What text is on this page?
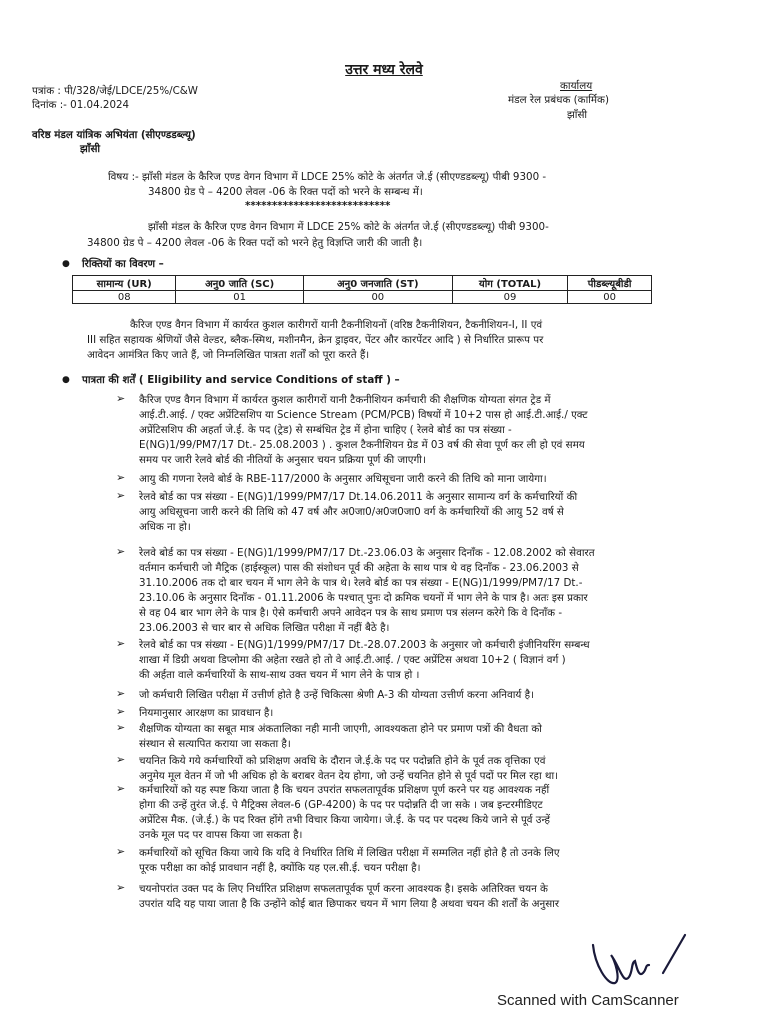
उत्तर मध्य रेलवे
पत्रांक : पी/328/जेई/LDCE/25%/C&W
दिनांक :- 01.04.2024
कार्यालय
मंडल रेल प्रबंधक (कार्मिक)
झाँसी
वरिष्ठ मंडल यांत्रिक अभियंता (सीएण्डडब्ल्यू)
झाँसी
विषय :- झाँसी मंडल के कैरिज एण्ड वेगन विभाग में LDCE 25% कोटे के अंतर्गत जे.ई (सीएण्डडब्ल्यू) पीबी 9300 -
34800 ग्रेड पे – 4200 लेवल -06 के रिक्त पदों को भरने के सम्बन्ध में।
***************************
झाँसी मंडल के कैरिज एण्ड वेगन विभाग में LDCE 25% कोटे के अंतर्गत जे.ई (सीएण्डडब्ल्यू) पीबी 9300-
34800 ग्रेड पे – 4200 लेवल -06 के रिक्त पदों को भरने हेतु विज्ञप्ति जारी की जाती है।
● रिक्तियों का विवरण –
सामान्य (UR)	अनु0 जाति (SC)	अनु0 जनजाति (ST)	योग (TOTAL)	पीडब्ल्यूबीडी
08	01	00	09	00
कैरिज एण्ड वैगन विभाग में कार्यरत कुशल कारीगरों यानी टैकनीशियनों (वरिष्ठ टैकनीशियन, टैकनीशियन-I, II एवं
III सहित सहायक श्रेणियों जैसे वेल्डर, ब्लैक-स्मिथ, मशीनमैन, क्रेन ड्राइवर, पेंटर और कारपेंटर आदि ) से निर्धारित प्रारूप पर
आवेदन आमंत्रित किए जाते हैं, जो निम्नलिखित पात्रता शर्तों को पूरा करते हैं।
● पात्रता की शर्तें ( Eligibility and service Conditions of staff ) –
➢ कैरिज एण्ड वैगन विभाग में कार्यरत कुशल कारीगरों यानी टैकनीशियन कर्मचारी की शैक्षणिक योग्यता संगत ट्रेड में
आई.टी.आई. / एक्ट अप्रेंटिसशिप या Science Stream (PCM/PCB) विषयों में 10+2 पास हो आई.टी.आई./ एक्ट
अप्रेंटिसशिप की अहर्ता जे.ई. के पद (ट्रेड) से सम्बंधित ट्रेड में होना चाहिए ( रेलवे बोर्ड का पत्र संख्या -
E(NG)1/99/PM7/17 Dt.- 25.08.2003 ) . कुशल टैकनीशियन ग्रेड में 03 वर्ष की सेवा पूर्ण कर ली हो एवं समय
समय पर जारी रेलवे बोर्ड की नीतियों के अनुसार चयन प्रक्रिया पूर्ण की जाएगी।
➢ आयु की गणना रेलवे बोर्ड के RBE-117/2000 के अनुसार अधिसूचना जारी करने की तिथि को माना जायेगा।
➢ रेलवे बोर्ड का पत्र संख्या - E(NG)1/1999/PM7/17 Dt.14.06.2011 के अनुसार सामान्य वर्ग के कर्मचारियों की
आयु अधिसूचना जारी करने की तिथि को 47 वर्ष और अ0जा0/अ0ज0जा0 वर्ग के कर्मचारियों की आयु 52 वर्ष से
अधिक ना हो।
➢ रेलवे बोर्ड का पत्र संख्या - E(NG)1/1999/PM7/17 Dt.-23.06.03 के अनुसार दिनाँक - 12.08.2002 को सेवारत
वर्तमान कर्मचारी जो मैट्रिक (हाईस्कूल) पास की संशोधन पूर्व की अहेता के साथ पात्र थे वह दिनाँक - 23.06.2003 से
31.10.2006 तक दो बार चयन में भाग लेने के पात्र थे। रेलवे बोर्ड का पत्र संख्या - E(NG)1/1999/PM7/17 Dt.-
23.10.06 के अनुसार दिनाँक - 01.11.2006 के पश्चात् पुनः दो क्रमिक चयनों में भाग लेने के पात्र है। अतः इस प्रकार
से वह 04 बार भाग लेने के पात्र है। ऐसे कर्मचारी अपने आवेदन पत्र के साथ प्रमाण पत्र संलग्न करेगे कि वे दिनाँक -
23.06.2003 से चार बार से अधिक लिखित परीक्षा में नहीं बैठे है।
➢ रेलवे बोर्ड का पत्र संख्या - E(NG)1/1999/PM7/17 Dt.-28.07.2003 के अनुसार जो कर्मचारी इंजीनियरिंग सम्बन्ध
शाखा में डिग्री अथवा डिप्लोमा की अहेता रखते हो तो वे आई.टी.आई. / एक्ट अप्रेंटिस अथवा 10+2 ( विज्ञानं वर्ग )
की अर्हता वाले कर्मचारियों के साथ-साथ उक्त चयन में भाग लेने के पात्र हो ।
➢ जो कर्मचारी लिखित परीक्षा में उत्तीर्ण होते है उन्हें चिकित्सा श्रेणी A-3 की योग्यता उत्तीर्ण करना अनिवार्य है।
➢ नियमानुसार आरक्षण का प्रावधान है।
➢ शैक्षणिक योग्यता का सबूत मात्र अंकतालिका नही मानी जाएगी, आवश्यकता होने पर प्रमाण पत्रों की वैधता को
संस्थान से सत्यापित कराया जा सकता है।
➢ चयनित किये गये कर्मचारियों को प्रशिक्षण अवधि के दौरान जे.ई.के पद पर पदोन्नति होने के पूर्व तक वृत्तिका एवं
अनुमेय मूल वेतन में जो भी अधिक हो के बराबर वेतन देय होगा, जो उन्हें चयनित होने से पूर्व पदों पर मिल रहा था।
➢ कर्मचारियों को यह स्पष्ट किया जाता है कि चयन उपरांत सफलतापूर्वक प्रशिक्षण पूर्ण करने पर यह आवश्यक नहीं
होगा की उन्हें तुरंत जे.ई. पे मैट्रिक्स लेवल-6 (GP-4200) के पद पर पदोन्नति दी जा सके । जब इन्टरमीडिएट
अप्रेंटिस मैक. (जे.ई.) के पद रिक्त होंगे तभी विचार किया जायेगा। जे.ई. के पद पर पदस्थ किये जाने से पूर्व उन्हें
उनके मूल पद पर वापस किया जा सकता है।
➢ कर्मचारियों को सूचित किया जाये कि यदि वे निर्धारित तिथि में लिखित परीक्षा में सम्मलित नहीं होते है तो उनके लिए
पूरक परीक्षा का कोई प्रावधान नहीं है, क्योंकि यह एल.सी.ई. चयन परीक्षा है।
➢ चयनोपरांत उक्त पद के लिए निर्धारित प्रशिक्षण सफलतापूर्वक पूर्ण करना आवश्यक है। इसके अतिरिक्त चयन के
उपरांत यदि यह पाया जाता है कि उन्होंने कोई बात छिपाकर चयन में भाग लिया है अथवा चयन की शर्तों के अनुसार
Scanned with CamScanner
